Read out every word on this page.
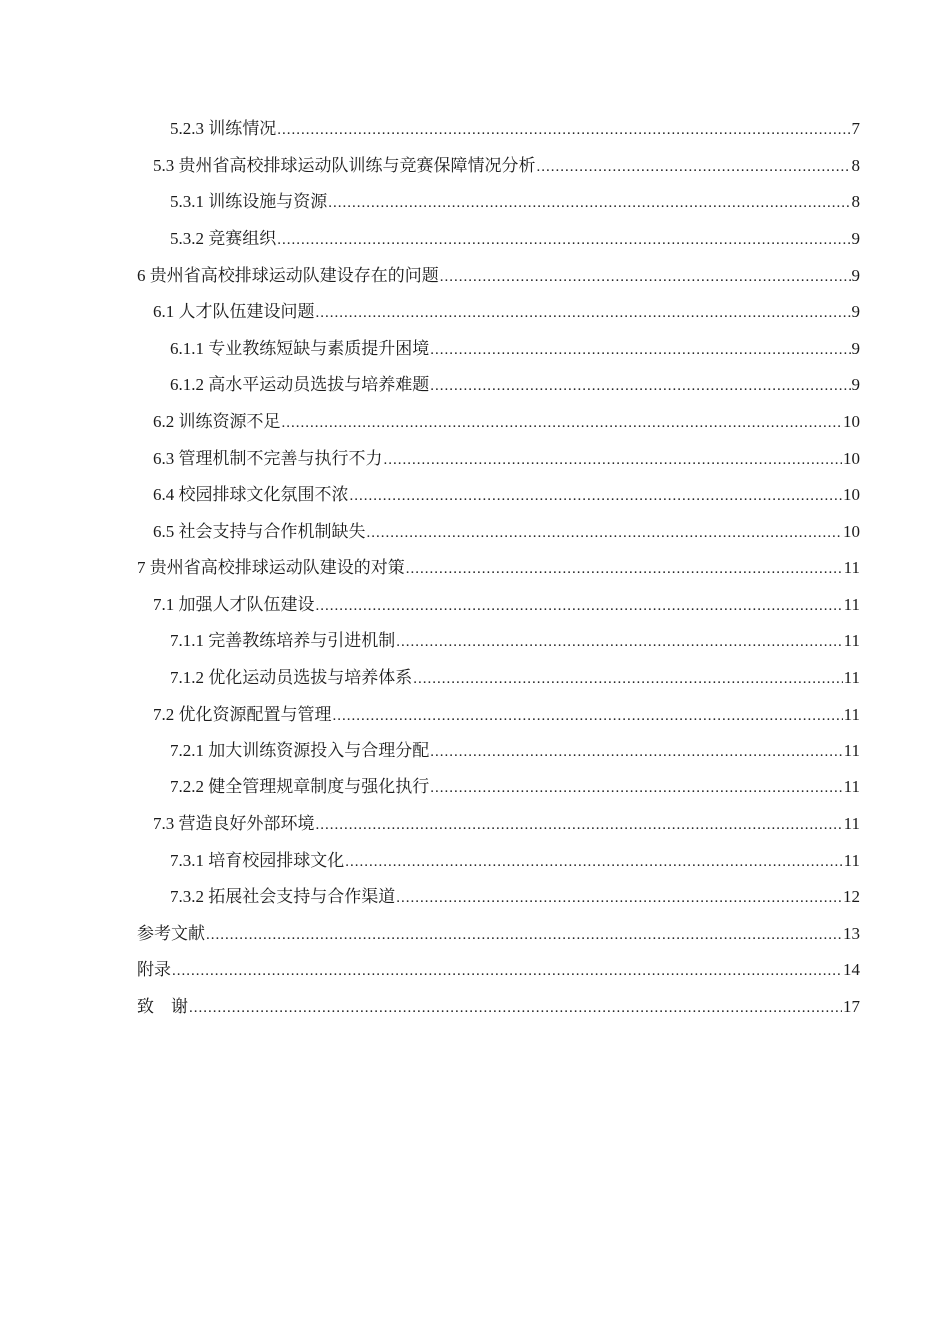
5.2.3 训练情况 .....	7
5.3 贵州省高校排球运动队训练与竞赛保障情况分析 .....	8
5.3.1 训练设施与资源 .....	8
5.3.2 竞赛组织 .....	9
6 贵州省高校排球运动队建设存在的问题 .....	9
6.1 人才队伍建设问题 .....	9
6.1.1 专业教练短缺与素质提升困境 .....	9
6.1.2 高水平运动员选拔与培养难题 .....	9
6.2 训练资源不足 .....	10
6.3 管理机制不完善与执行不力 .....	10
6.4 校园排球文化氛围不浓 .....	10
6.5 社会支持与合作机制缺失 .....	10
7 贵州省高校排球运动队建设的对策 .....	11
7.1 加强人才队伍建设 .....	11
7.1.1 完善教练培养与引进机制 .....	11
7.1.2 优化运动员选拔与培养体系 .....	11
7.2 优化资源配置与管理 .....	11
7.2.1 加大训练资源投入与合理分配 .....	11
7.2.2 健全管理规章制度与强化执行 .....	11
7.3 营造良好外部环境 .....	11
7.3.1 培育校园排球文化 .....	11
7.3.2 拓展社会支持与合作渠道 .....	12
参考文献 .....	13
附录 .....	14
致　谢 .....	17
